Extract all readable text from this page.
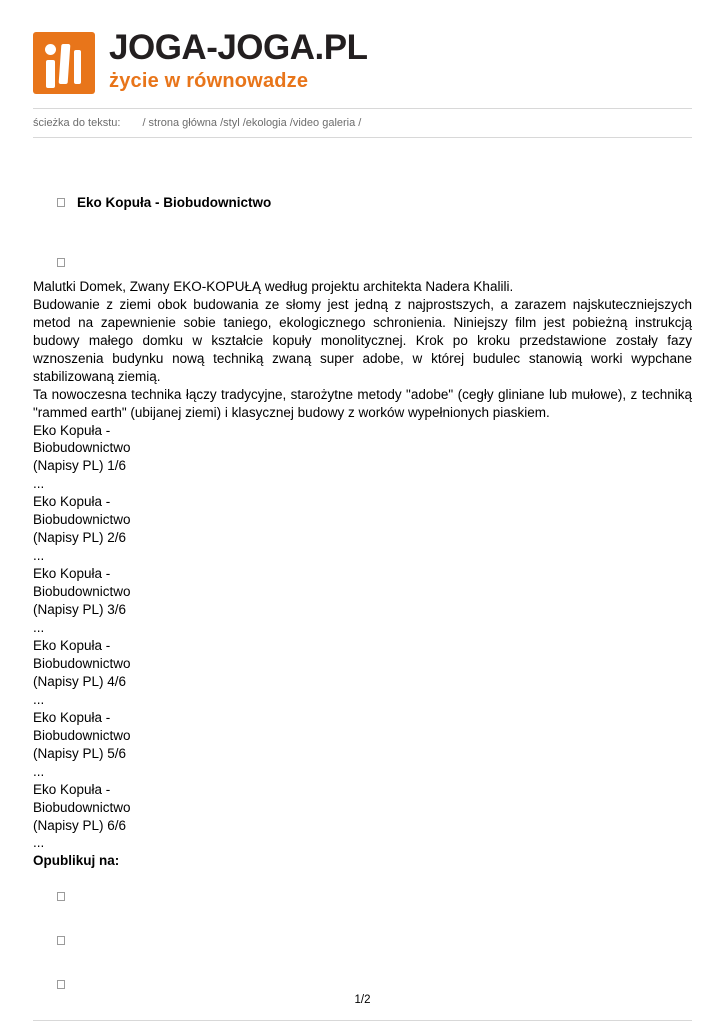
JOGA-JOGA.PL
życie w równowadze
ścieżka do tekstu: / strona główna /styl /ekologia /video galeria /
Eko Kopuła - Biobudownictwo

Malutki Domek, Zwany EKO-KOPUŁĄ według projektu architekta Nadera Khalili.

Budowanie z ziemi obok budowania ze słomy jest jedną z najprostszych, a zarazem najskuteczniejszych metod na zapewnienie sobie taniego, ekologicznego schronienia. Niniejszy film jest pobieżną instrukcją budowy małego domku w kształcie kopuły monolitycznej. Krok po kroku przedstawione zostały fazy wznoszenia budynku nową techniką zwaną super adobe, w której budulec stanowią worki wypchane stabilizowaną ziemią.

Ta nowoczesna technika łączy tradycyjne, starożytne metody "adobe" (cegły gliniane lub mułowe), z techniką "rammed earth" (ubijanej ziemi) i klasycznej budowy z worków wypełnionych piaskiem.

Eko Kopuła -
Biobudownictwo
(Napisy PL) 1/6
...
Eko Kopuła -
Biobudownictwo
(Napisy PL) 2/6
...
Eko Kopuła -
Biobudownictwo
(Napisy PL) 3/6
...
Eko Kopuła -
Biobudownictwo
(Napisy PL) 4/6
...
Eko Kopuła -
Biobudownictwo
(Napisy PL) 5/6
...
Eko Kopuła -
Biobudownictwo
(Napisy PL) 6/6
...
Opublikuj na:
1/2
